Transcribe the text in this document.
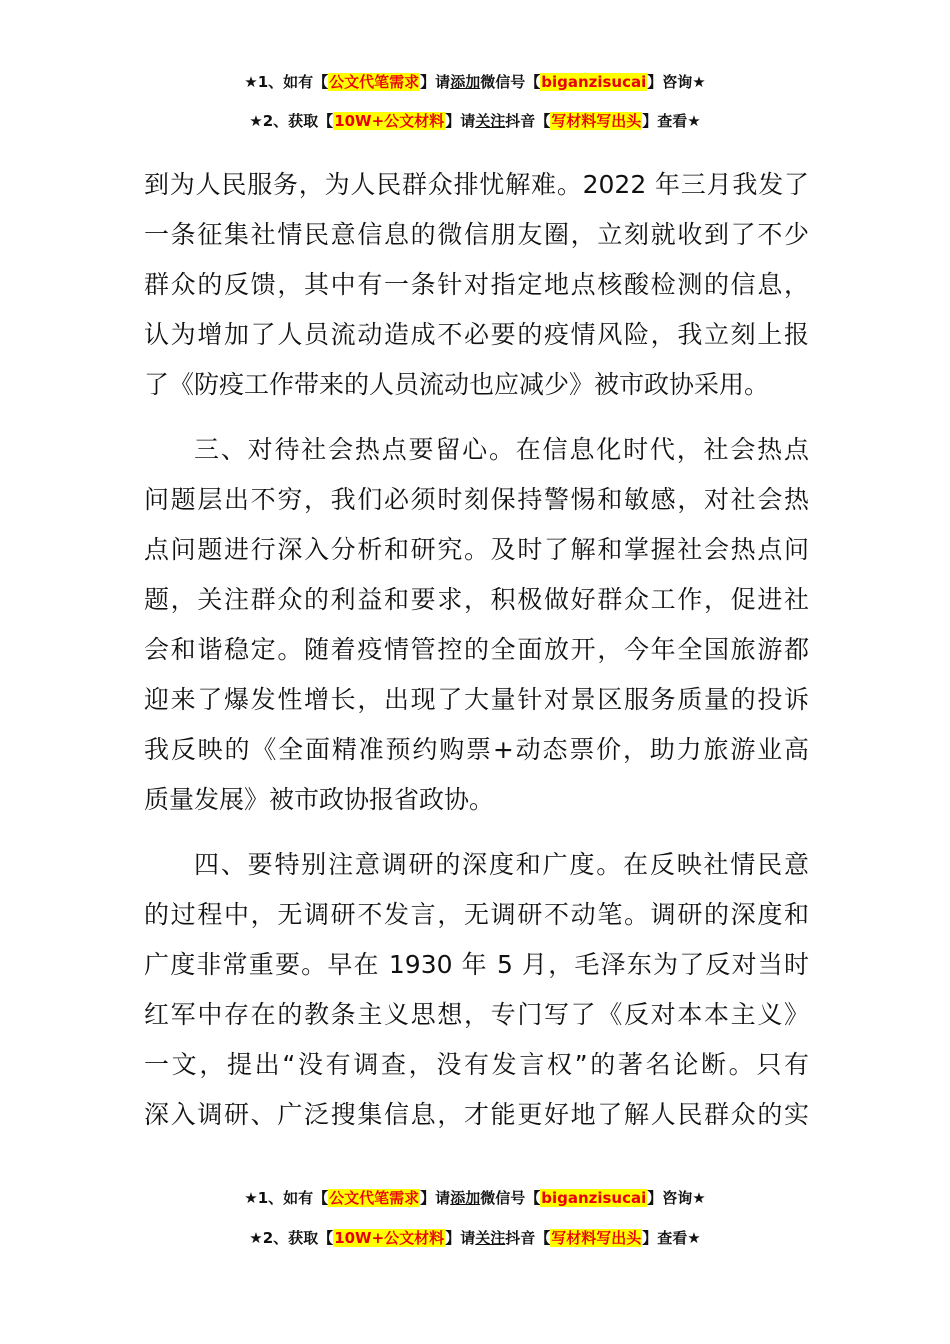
★1、如有【公文代笔需求】请添加微信号【biganzisucai】咨询★
★2、获取【10W+公文材料】请关注抖音【写材料写出头】查看★
到为人民服务，为人民群众排忧解难。2022 年三月我发了
一条征集社情民意信息的微信朋友圈，立刻就收到了不少
群众的反馈，其中有一条针对指定地点核酸检测的信息，
认为增加了人员流动造成不必要的疫情风险，我立刻上报
了《防疫工作带来的人员流动也应减少》被市政协采用。
三、对待社会热点要留心。在信息化时代，社会热点
问题层出不穷，我们必须时刻保持警惕和敏感，对社会热
点问题进行深入分析和研究。及时了解和掌握社会热点问
题，关注群众的利益和要求，积极做好群众工作，促进社
会和谐稳定。随着疫情管控的全面放开，今年全国旅游都
迎来了爆发性增长，出现了大量针对景区服务质量的投诉
我反映的《全面精准预约购票+动态票价，助力旅游业高
质量发展》被市政协报省政协。
四、要特别注意调研的深度和广度。在反映社情民意
的过程中，无调研不发言，无调研不动笔。调研的深度和
广度非常重要。早在 1930 年 5 月，毛泽东为了反对当时
红军中存在的教条主义思想，专门写了《反对本本主义》
一文，提出“没有调查，没有发言权”的著名论断。只有
深入调研、广泛搜集信息，才能更好地了解人民群众的实
★1、如有【公文代笔需求】请添加微信号【biganzisucai】咨询★
★2、获取【10W+公文材料】请关注抖音【写材料写出头】查看★
